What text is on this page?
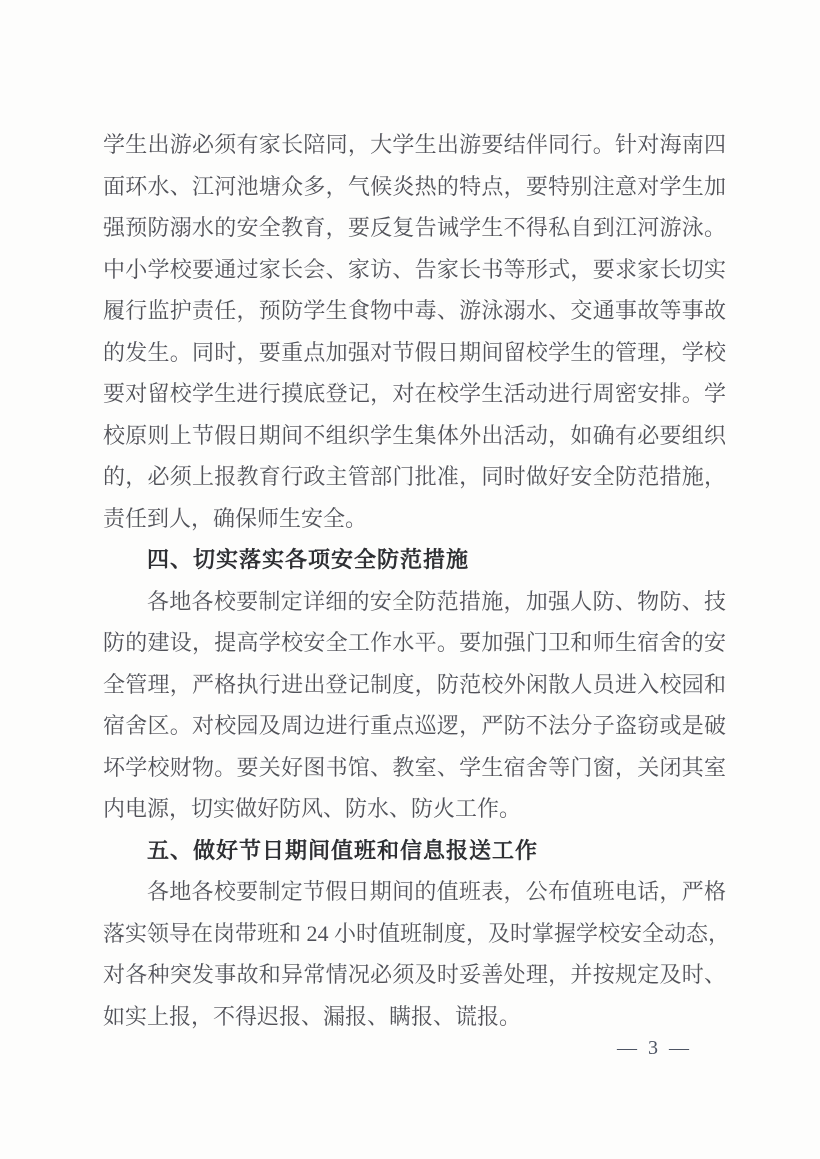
学生出游必须有家长陪同，大学生出游要结伴同行。针对海南四
面环水、江河池塘众多，气候炎热的特点，要特别注意对学生加
强预防溺水的安全教育，要反复告诫学生不得私自到江河游泳。
中小学校要通过家长会、家访、告家长书等形式，要求家长切实
履行监护责任，预防学生食物中毒、游泳溺水、交通事故等事故
的发生。同时，要重点加强对节假日期间留校学生的管理，学校
要对留校学生进行摸底登记，对在校学生活动进行周密安排。学
校原则上节假日期间不组织学生集体外出活动，如确有必要组织
的，必须上报教育行政主管部门批准，同时做好安全防范措施，
责任到人，确保师生安全。
四、切实落实各项安全防范措施
各地各校要制定详细的安全防范措施，加强人防、物防、技
防的建设，提高学校安全工作水平。要加强门卫和师生宿舍的安
全管理，严格执行进出登记制度，防范校外闲散人员进入校园和
宿舍区。对校园及周边进行重点巡逻，严防不法分子盗窃或是破
坏学校财物。要关好图书馆、教室、学生宿舍等门窗，关闭其室
内电源，切实做好防风、防水、防火工作。
五、做好节日期间值班和信息报送工作
各地各校要制定节假日期间的值班表，公布值班电话，严格
落实领导在岗带班和 24 小时值班制度，及时掌握学校安全动态，
对各种突发事故和异常情况必须及时妥善处理，并按规定及时、
如实上报，不得迟报、漏报、瞒报、谎报。
— 3 —
